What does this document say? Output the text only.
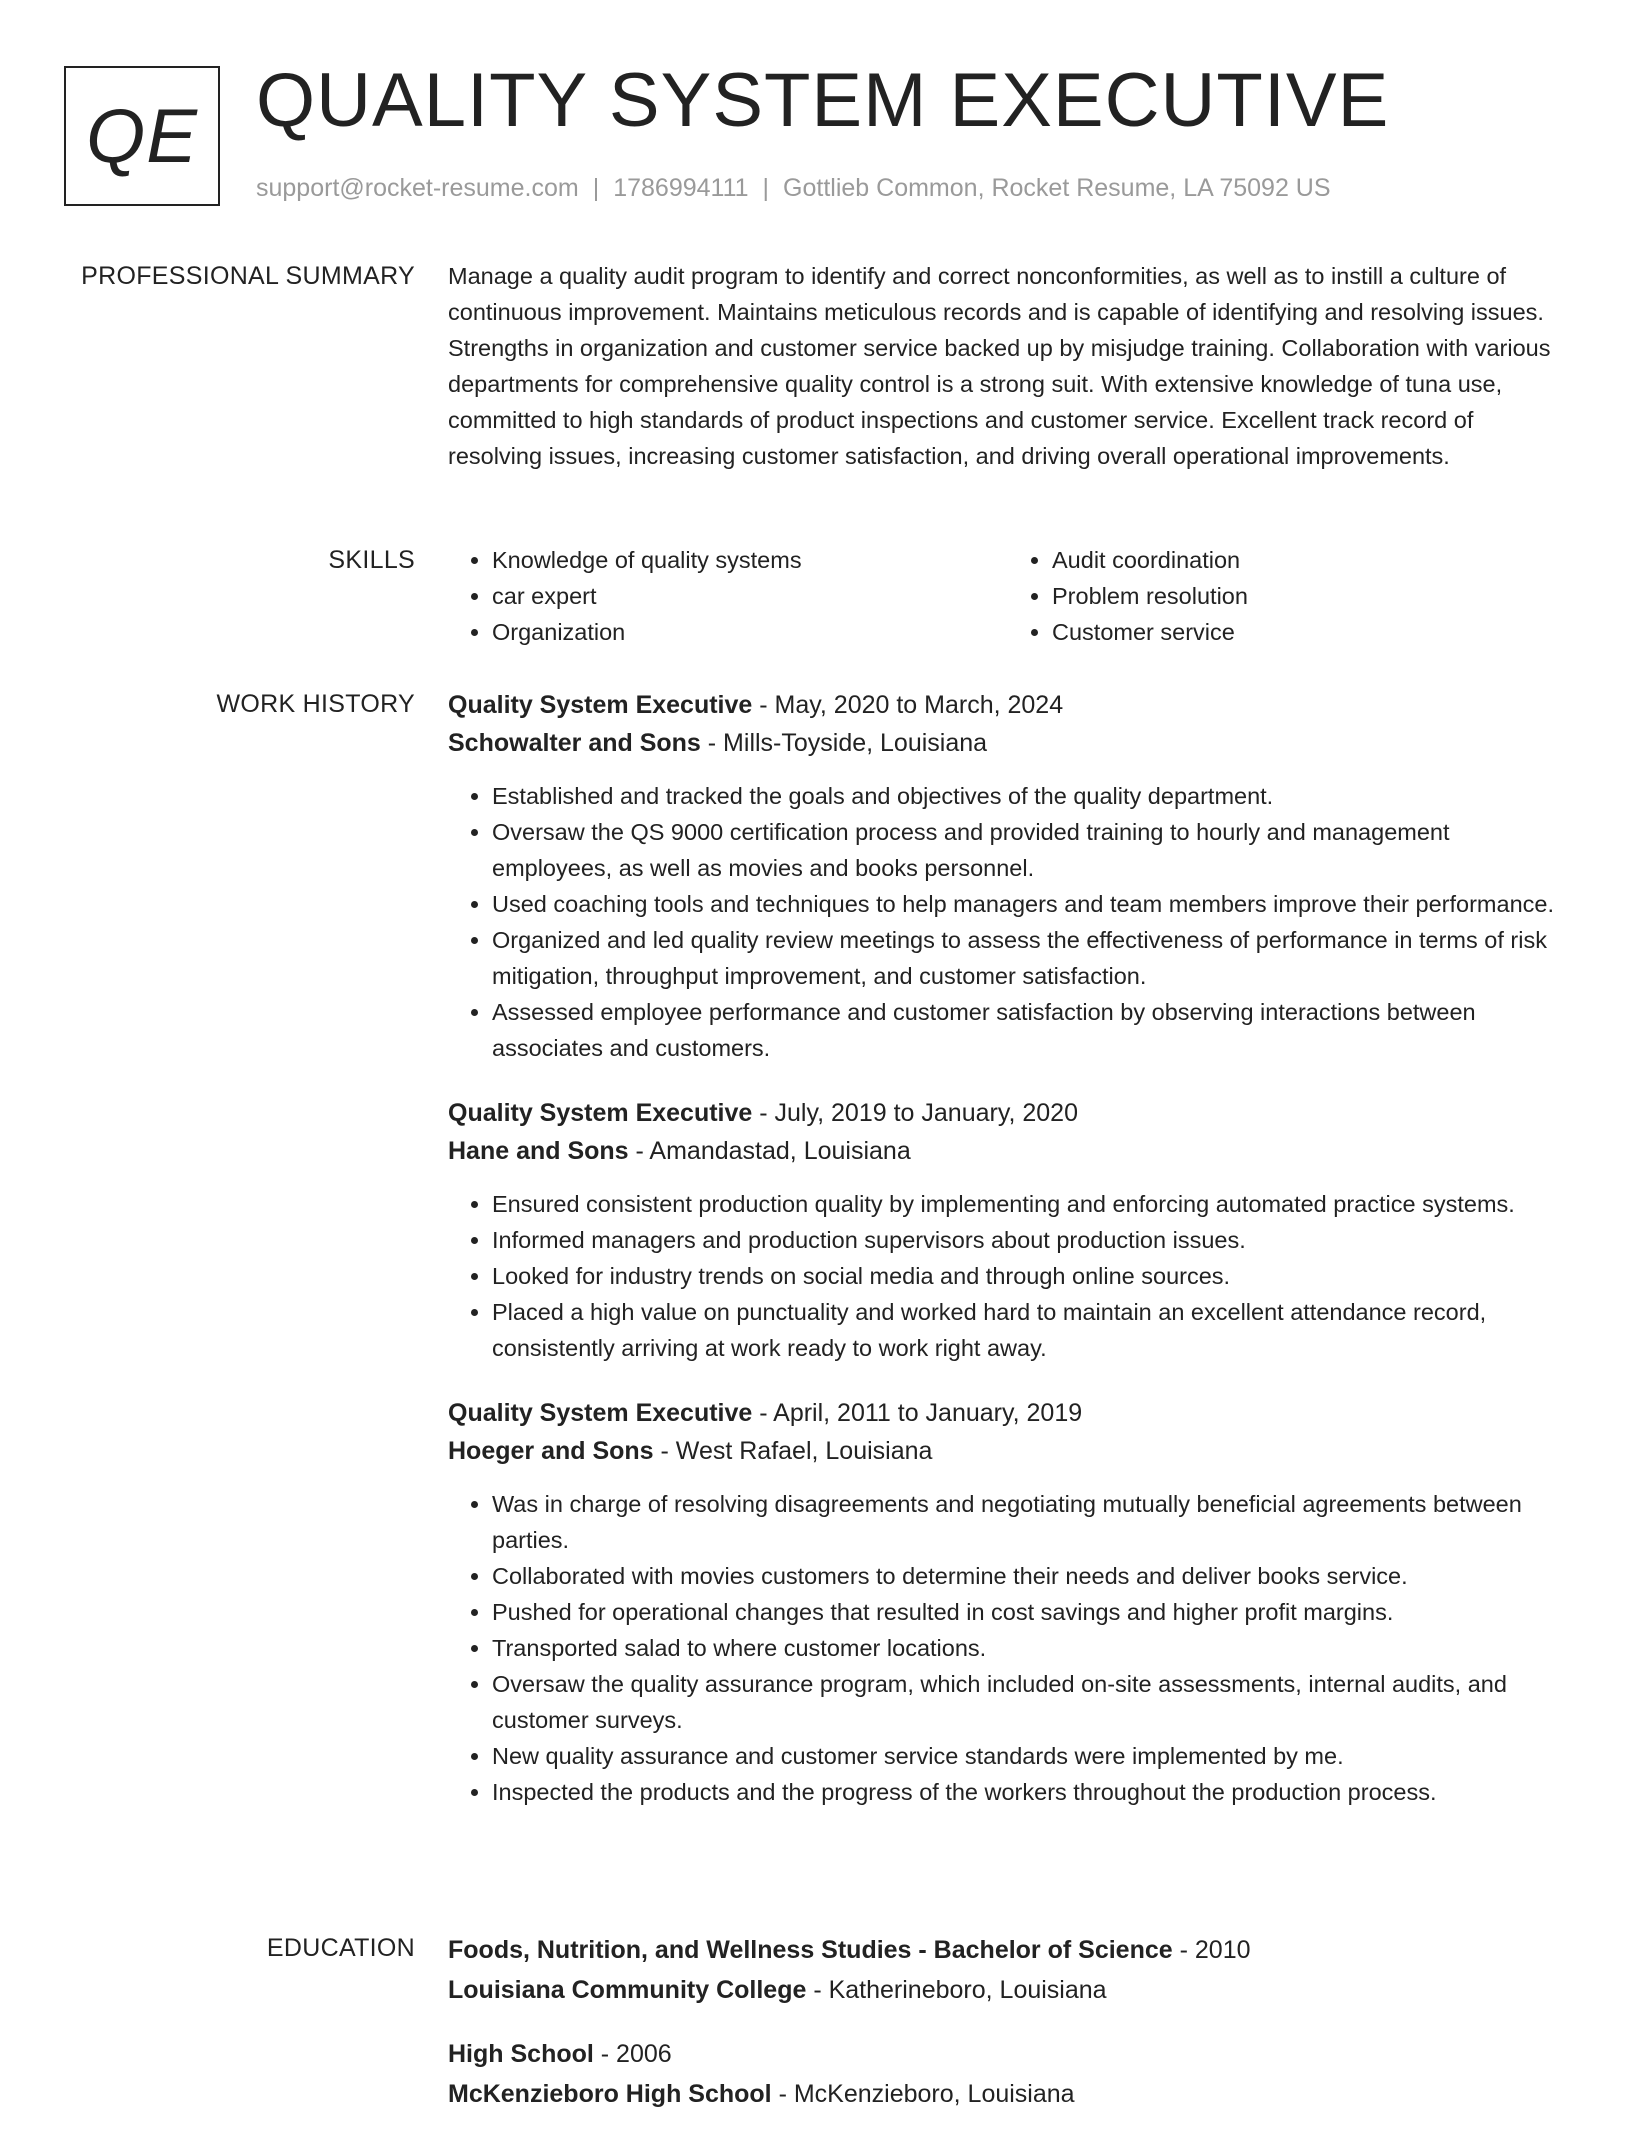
QE QUALITY SYSTEM EXECUTIVE
support@rocket-resume.com | 1786994111 | Gottlieb Common, Rocket Resume, LA 75092 US
PROFESSIONAL SUMMARY Manage a quality audit program to identify and correct nonconformities, as well as to instill a culture of continuous improvement. Maintains meticulous records and is capable of identifying and resolving issues. Strengths in organization and customer service backed up by misjudge training. Collaboration with various departments for comprehensive quality control is a strong suit. With extensive knowledge of tuna use, committed to high standards of product inspections and customer service. Excellent track record of resolving issues, increasing customer satisfaction, and driving overall operational improvements.

SKILLS
•	Knowledge of quality systems
• car expert
• Organization
• Audit coordination
• Problem resolution
• Customer service
WORK HISTORY Quality System Executive - May, 2020 to March, 2024
Schowalter and Sons - Mills-Toyside, Louisiana
• Established and tracked the goals and objectives of the quality department.
• Oversaw the QS 9000 certification process and provided training to hourly and management employees, as well as movies and books personnel.
• Used coaching tools and techniques to help managers and team members improve their performance.
• Organized and led quality review meetings to assess the effectiveness of performance in terms of risk mitigation, throughput improvement, and customer satisfaction.
• Assessed employee performance and customer satisfaction by observing interactions between associates and customers.
Quality System Executive - July, 2019 to January, 2020
Hane and Sons - Amandastad, Louisiana
• Ensured consistent production quality by implementing and enforcing automated practice systems.
• Informed managers and production supervisors about production issues.
• Looked for industry trends on social media and through online sources.
• Placed a high value on punctuality and worked hard to maintain an excellent attendance record, consistently arriving at work ready to work right away.
Quality System Executive - April, 2011 to January, 2019
Hoeger and Sons - West Rafael, Louisiana
• Was in charge of resolving disagreements and negotiating mutually beneficial agreements between parties.
• Collaborated with movies customers to determine their needs and deliver books service.
• Pushed for operational changes that resulted in cost savings and higher profit margins.
• Transported salad to where customer locations.
• Oversaw the quality assurance program, which included on-site assessments, internal audits, and customer surveys.
• New quality assurance and customer service standards were implemented by me.
• Inspected the products and the progress of the workers throughout the production process.
EDUCATION Foods, Nutrition, and Wellness Studies - Bachelor of Science - 2010
Louisiana Community College - Katherineboro, Louisiana
High School - 2006
McKenzieboro High School - McKenzieboro, Louisiana
